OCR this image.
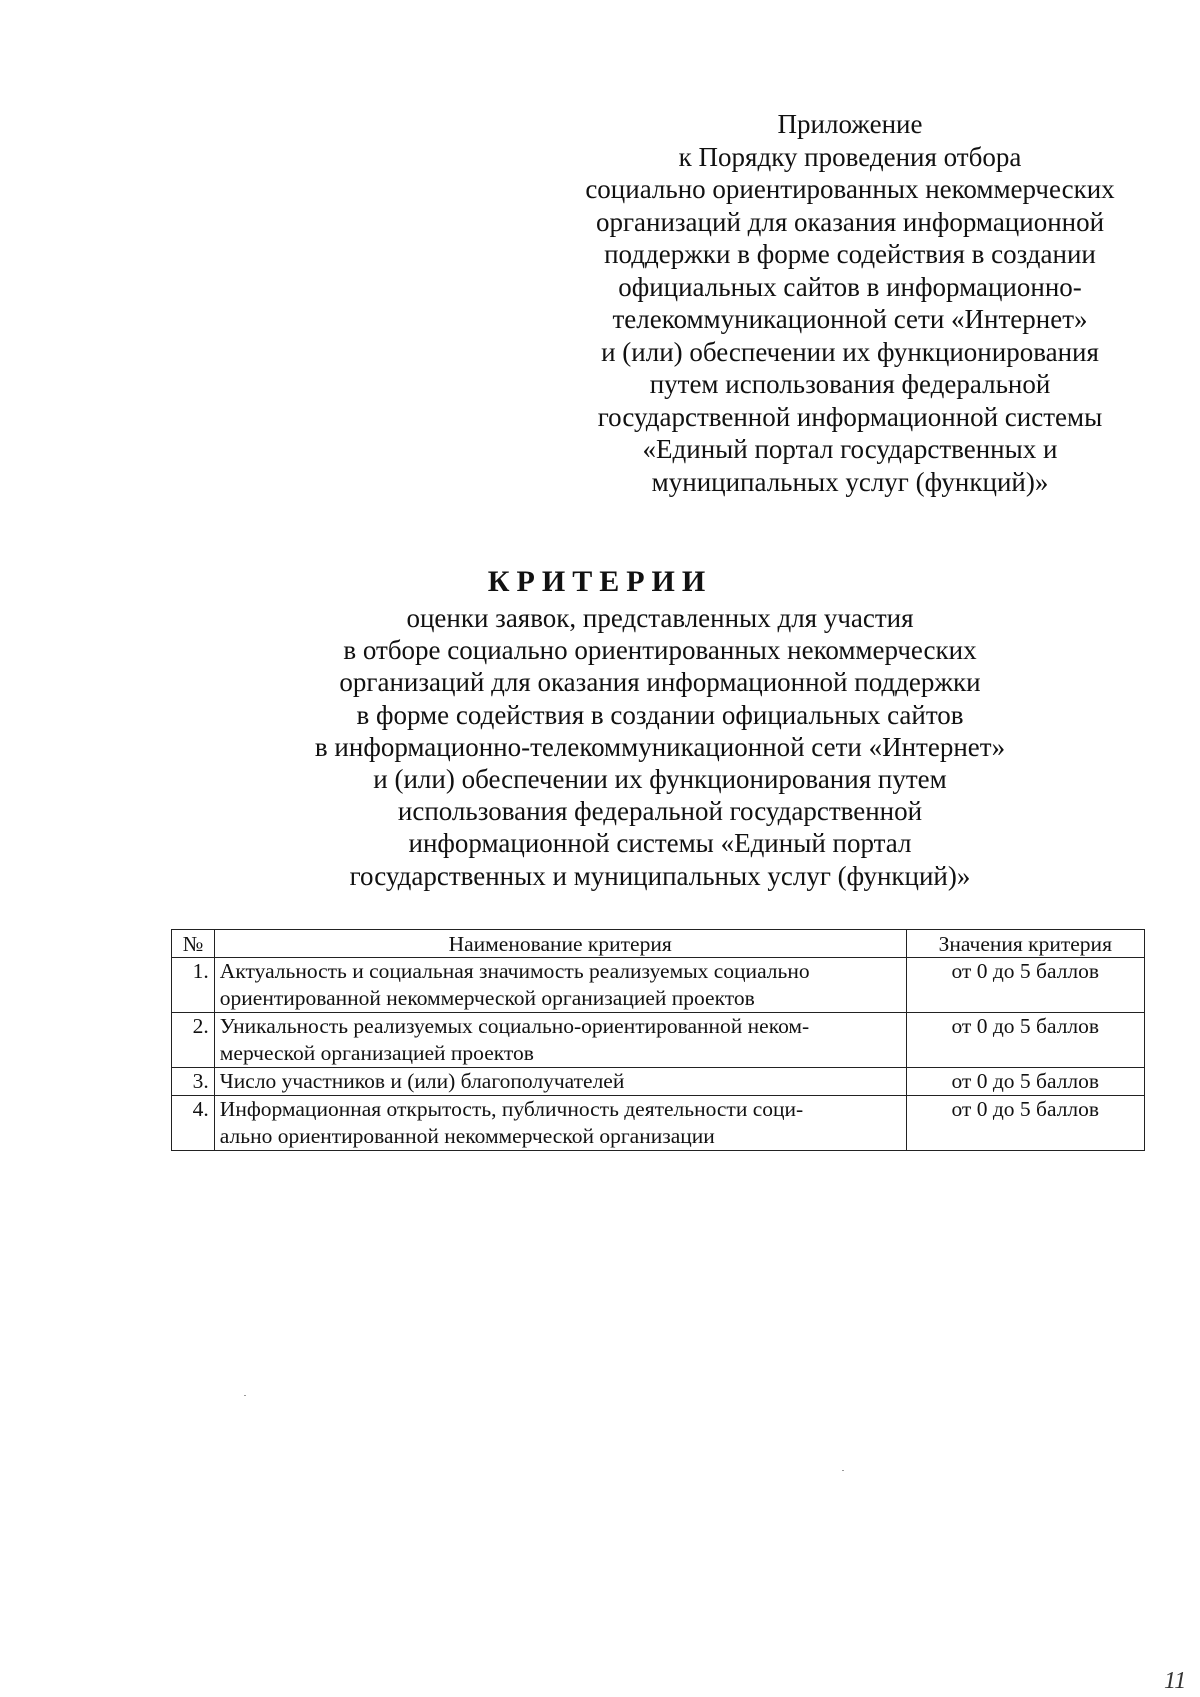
Приложение
к Порядку проведения отбора
социально ориентированных некоммерческих
организаций для оказания информационной
поддержки в форме содействия в создании
официальных сайтов в информационно-
телекоммуникационной сети «Интернет»
и (или) обеспечении их функционирования
путем использования федеральной
государственной информационной системы
«Единый портал государственных и
муниципальных услуг (функций)»
КРИТЕРИИ
оценки заявок, представленных для участия
в отборе социально ориентированных некоммерческих
организаций для оказания информационной поддержки
в форме содействия в создании официальных сайтов
в информационно-телекоммуникационной сети «Интернет»
и (или) обеспечении их функционирования путем
использования федеральной государственной
информационной системы «Единый портал
государственных и муниципальных услуг (функций)»
№	Наименование критерия	Значения критерия
1.	Актуальность и социальная значимость реализуемых социально
ориентированной некоммерческой организацией проектов	от 0 до 5 баллов
2.	Уникальность реализуемых социально-ориентированной неком-
мерческой организацией проектов	от 0 до 5 баллов
3.	Число участников и (или) благополучателей	от 0 до 5 баллов
4.	Информационная открытость, публичность деятельности соци-
ально ориентированной некоммерческой организации	от 0 до 5 баллов
11
